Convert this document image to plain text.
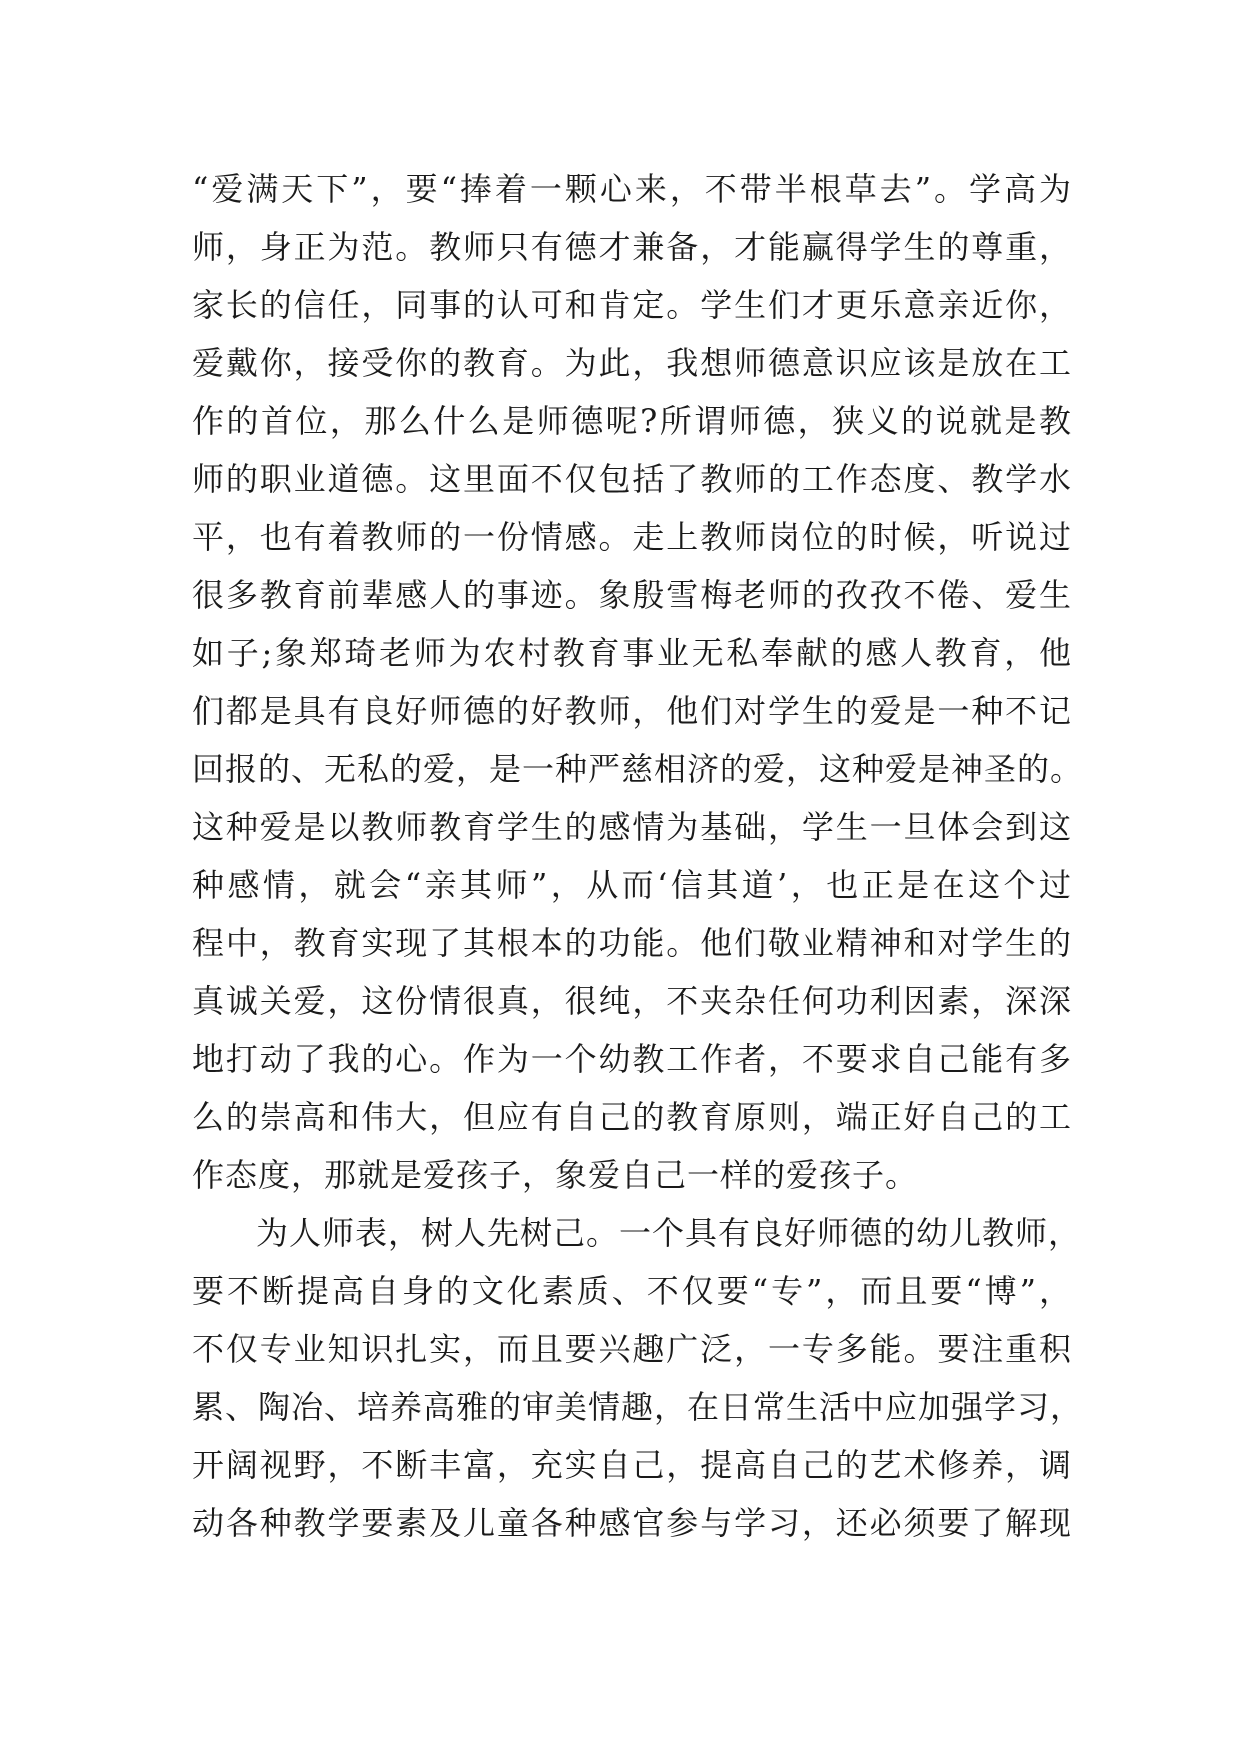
“爱满天下”，要“捧着一颗心来，不带半根草去”。学高为
师，身正为范。教师只有德才兼备，才能赢得学生的尊重，
家长的信任，同事的认可和肯定。学生们才更乐意亲近你，
爱戴你，接受你的教育。为此，我想师德意识应该是放在工
作的首位，那么什么是师德呢?所谓师德，狭义的说就是教
师的职业道德。这里面不仅包括了教师的工作态度、教学水
平，也有着教师的一份情感。走上教师岗位的时候，听说过
很多教育前辈感人的事迹。象殷雪梅老师的孜孜不倦、爱生
如子;象郑琦老师为农村教育事业无私奉献的感人教育，他
们都是具有良好师德的好教师，他们对学生的爱是一种不记
回报的、无私的爱，是一种严慈相济的爱，这种爱是神圣的。
这种爱是以教师教育学生的感情为基础，学生一旦体会到这
种感情，就会“亲其师”，从而‘信其道’，也正是在这个过
程中，教育实现了其根本的功能。他们敬业精神和对学生的
真诚关爱，这份情很真，很纯，不夹杂任何功利因素，深深
地打动了我的心。作为一个幼教工作者，不要求自己能有多
么的崇高和伟大，但应有自己的教育原则，端正好自己的工
作态度，那就是爱孩子，象爱自己一样的爱孩子。
为人师表，树人先树己。一个具有良好师德的幼儿教师，
要不断提高自身的文化素质、不仅要“专”，而且要“博”，
不仅专业知识扎实，而且要兴趣广泛，一专多能。要注重积
累、陶冶、培养高雅的审美情趣，在日常生活中应加强学习，
开阔视野，不断丰富，充实自己，提高自己的艺术修养，调
动各种教学要素及儿童各种感官参与学习，还必须要了解现
